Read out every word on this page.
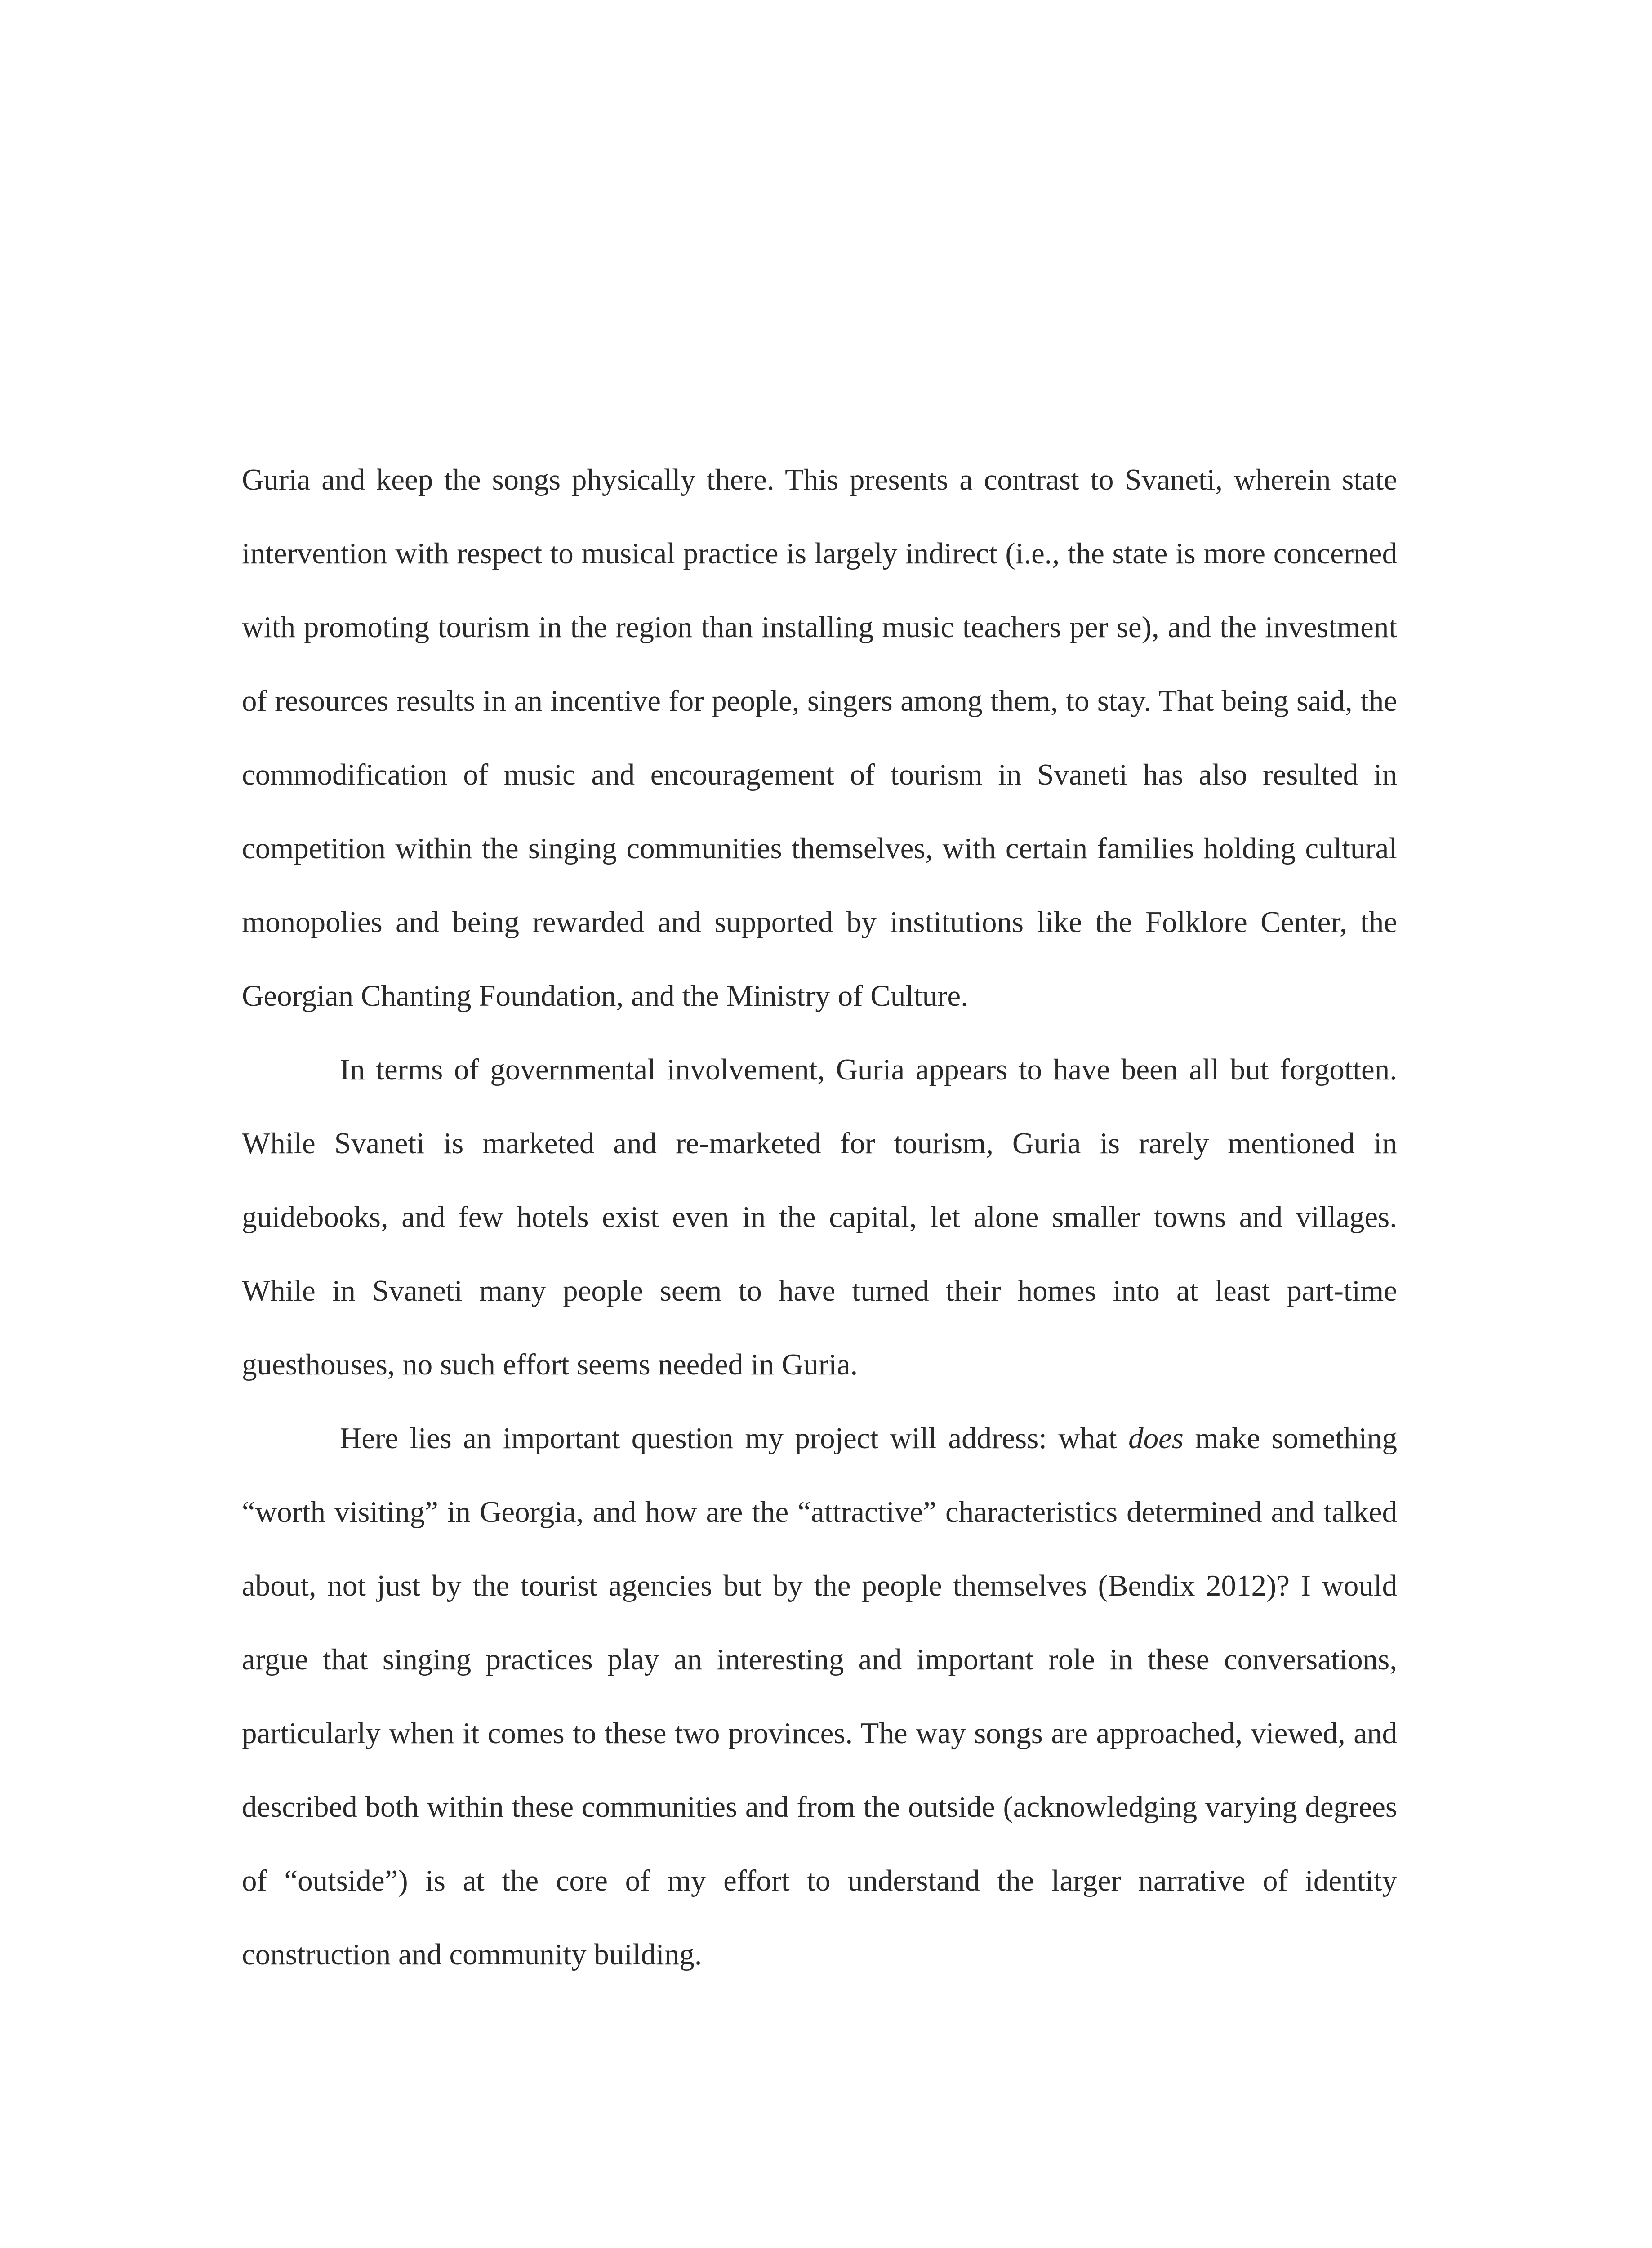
Guria and keep the songs physically there. This presents a contrast to Svaneti, wherein state intervention with respect to musical practice is largely indirect (i.e., the state is more concerned with promoting tourism in the region than installing music teachers per se), and the investment of resources results in an incentive for people, singers among them, to stay. That being said, the commodification of music and encouragement of tourism in Svaneti has also resulted in competition within the singing communities themselves, with certain families holding cultural monopolies and being rewarded and supported by institutions like the Folklore Center, the Georgian Chanting Foundation, and the Ministry of Culture.

In terms of governmental involvement, Guria appears to have been all but forgotten. While Svaneti is marketed and re-marketed for tourism, Guria is rarely mentioned in guidebooks, and few hotels exist even in the capital, let alone smaller towns and villages. While in Svaneti many people seem to have turned their homes into at least part-time guesthouses, no such effort seems needed in Guria.

Here lies an important question my project will address: what does make something “worth visiting” in Georgia, and how are the “attractive” characteristics determined and talked about, not just by the tourist agencies but by the people themselves (Bendix 2012)? I would argue that singing practices play an interesting and important role in these conversations, particularly when it comes to these two provinces. The way songs are approached, viewed, and described both within these communities and from the outside (acknowledging varying degrees of “outside”) is at the core of my effort to understand the larger narrative of identity construction and community building.
